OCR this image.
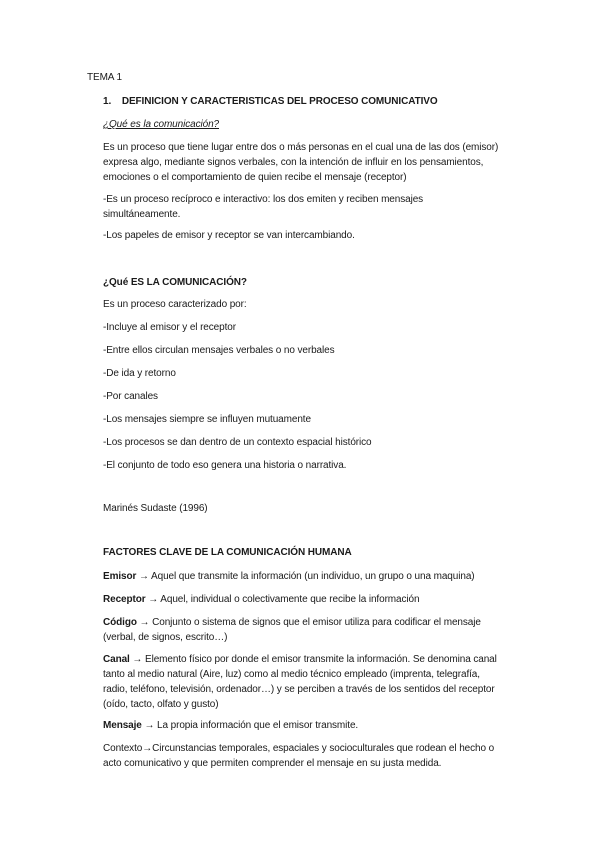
TEMA 1
1. DEFINICION Y CARACTERISTICAS DEL PROCESO COMUNICATIVO
¿Qué es la comunicación?
Es un proceso que tiene lugar entre dos o más personas en el cual una de las dos (emisor)
expresa algo, mediante signos verbales, con la intención de influir en los pensamientos,
emociones o el comportamiento de quien recibe el mensaje (receptor)
-Es un proceso recíproco e interactivo: los dos emiten y reciben mensajes
simultáneamente.
-Los papeles de emisor y receptor se van intercambiando.
¿Qué ES LA COMUNICACIÓN?
Es un proceso caracterizado por:
-Incluye al emisor y el receptor
-Entre ellos circulan mensajes verbales o no verbales
-De ida y retorno
-Por canales
-Los mensajes siempre se influyen mutuamente
-Los procesos se dan dentro de un contexto espacial histórico
-El conjunto de todo eso genera una historia o narrativa.
Marinés Sudaste (1996)
FACTORES CLAVE DE LA COMUNICACIÓN HUMANA
Emisor → Aquel que transmite la información (un individuo, un grupo o una maquina)
Receptor → Aquel, individual o colectivamente que recibe la información
Código → Conjunto o sistema de signos que el emisor utiliza para codificar el mensaje
(verbal, de signos, escrito…)
Canal → Elemento físico por donde el emisor transmite la información. Se denomina canal
tanto al medio natural (Aire, luz) como al medio técnico empleado (imprenta, telegrafía,
radio, teléfono, televisión, ordenador…) y se perciben a través de los sentidos del receptor
(oído, tacto, olfato y gusto)
Mensaje → La propia información que el emisor transmite.
Contexto→Circunstancias temporales, espaciales y socioculturales que rodean el hecho o
acto comunicativo y que permiten comprender el mensaje en su justa medida.
